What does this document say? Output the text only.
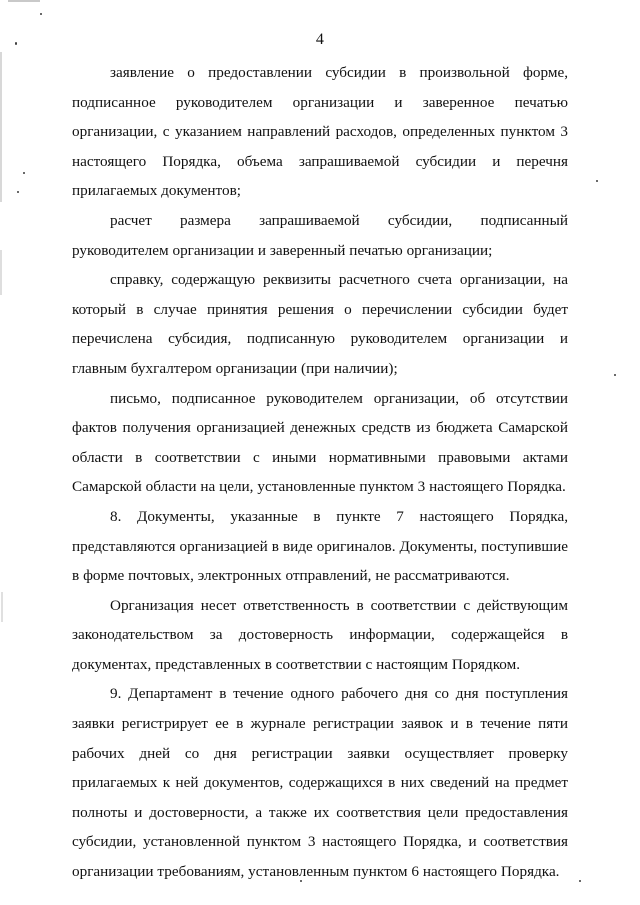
4

заявление о предоставлении субсидии в произвольной форме, подписанное руководителем организации и заверенное печатью организации, с указанием направлений расходов, определенных пунктом 3 настоящего Порядка, объема запрашиваемой субсидии и перечня прилагаемых документов;

расчет размера запрашиваемой субсидии, подписанный руководителем организации и заверенный печатью организации;

справку, содержащую реквизиты расчетного счета организации, на который в случае принятия решения о перечислении субсидии будет перечислена субсидия, подписанную руководителем организации и главным бухгалтером организации (при наличии);

письмо, подписанное руководителем организации, об отсутствии фактов получения организацией денежных средств из бюджета Самарской области в соответствии с иными нормативными правовыми актами Самарской области на цели, установленные пунктом 3 настоящего Порядка.

8. Документы, указанные в пункте 7 настоящего Порядка, представляются организацией в виде оригиналов. Документы, поступившие в форме почтовых, электронных отправлений, не рассматриваются.

Организация несет ответственность в соответствии с действующим законодательством за достоверность информации, содержащейся в документах, представленных в соответствии с настоящим Порядком.

9. Департамент в течение одного рабочего дня со дня поступления заявки регистрирует ее в журнале регистрации заявок и в течение пяти рабочих дней со дня регистрации заявки осуществляет проверку прилагаемых к ней документов, содержащихся в них сведений на предмет полноты и достоверности, а также их соответствия цели предоставления субсидии, установленной пунктом 3 настоящего Порядка, и соответствия организации требованиям, установленным пунктом 6 настоящего Порядка.
